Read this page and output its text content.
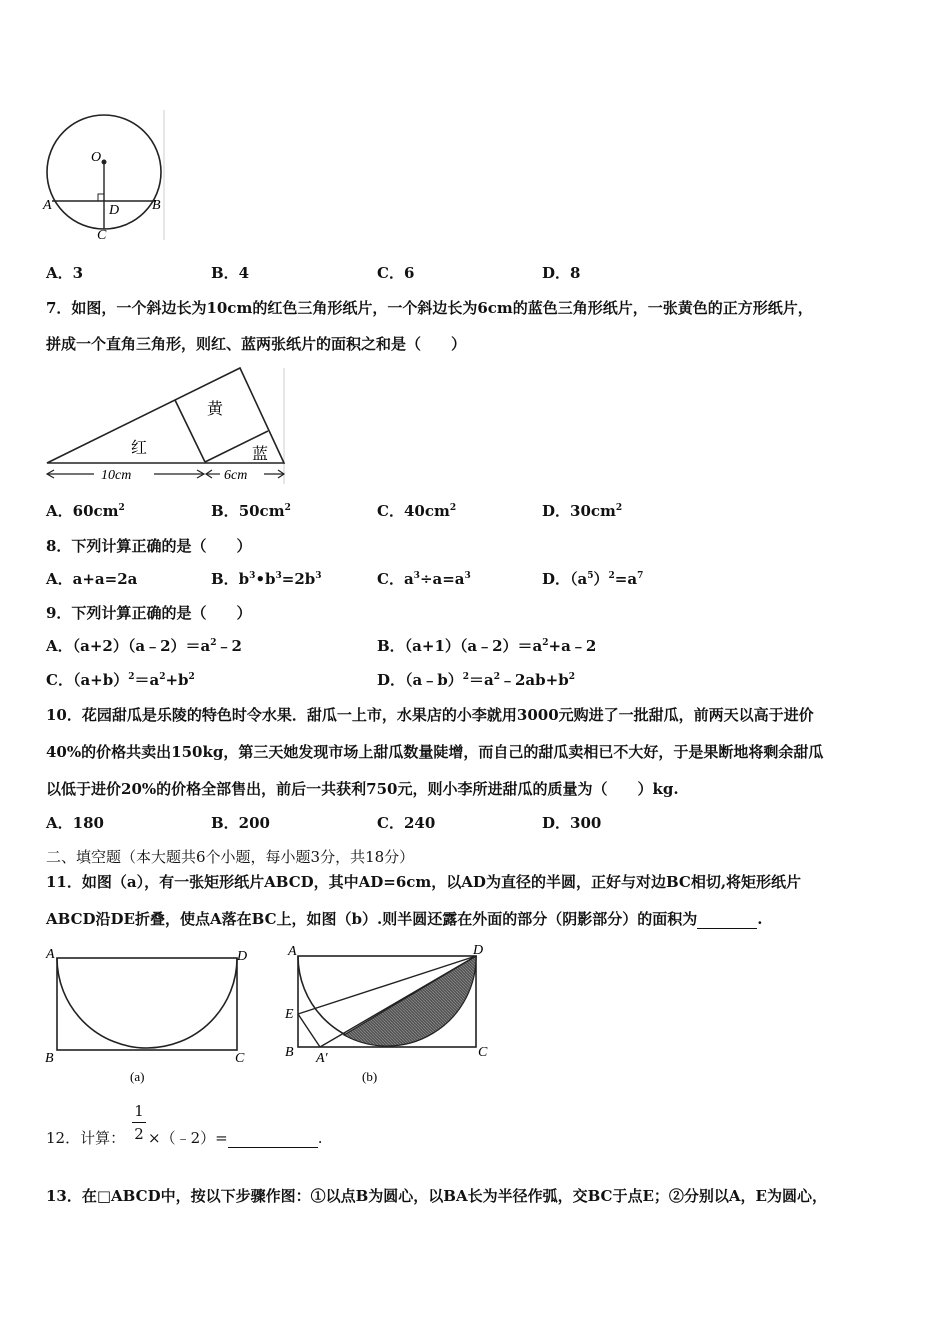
O
A	B
D
C
A．3	B．4	C．6	D．8
7．如图，一个斜边长为10cm的红色三角形纸片，一个斜边长为6cm的蓝色三角形纸片，一张黄色的正方形纸片，
拼成一个直角三角形，则红、蓝两张纸片的面积之和是（　　）
红
黄
蓝
10cm	6cm
A．$60cm^2$	B．$50cm^2$	C．$40cm^2$	D．$30cm^2$
8．下列计算正确的是（　　）
A．a+a=2a	B．$b^3•b^3=2b^3$	C．$a^3\div a=a^3$	D．$(a^5)^2=a^7$
9．下列计算正确的是（　　）
A．$(a+2)(a﹣2)=a^2﹣2$	B．$(a+1)(a﹣2)=a^2+a﹣2$
C．$(a+b)^2=a^2+b^2$	D．$(a﹣b)^2=a^2﹣2ab+b^2$
10．花园甜瓜是乐陵的特色时令水果．甜瓜一上市，水果店的小李就用3000元购进了一批甜瓜，前两天以高于进价
40%的价格共卖出150kg，第三天她发现市场上甜瓜数量陡增，而自己的甜瓜卖相已不大好，于是果断地将剩余甜瓜
以低于进价20%的价格全部售出，前后一共获利750元，则小李所进甜瓜的质量为（　　）kg.
A．180	B．200	C．240	D．300
二、填空题（本大题共6个小题，每小题3分，共18分）
11．如图（a），有一张矩形纸片ABCD，其中AD=6cm，以AD为直径的半圆，正好与对边BC相切,将矩形纸片
ABCD沿DE折叠，使点A落在BC上，如图（b）.则半圆还露在外面的部分（阴影部分）的面积为	.
A	D
B	C
(a)
A	D
E
B A′	C
(b)
12．计算：
1
2 ×（﹣2）=	.
13．在□ABCD中，按以下步骤作图：①以点B为圆心，以BA长为半径作弧，交BC于点E；②分别以A，E为圆心，
